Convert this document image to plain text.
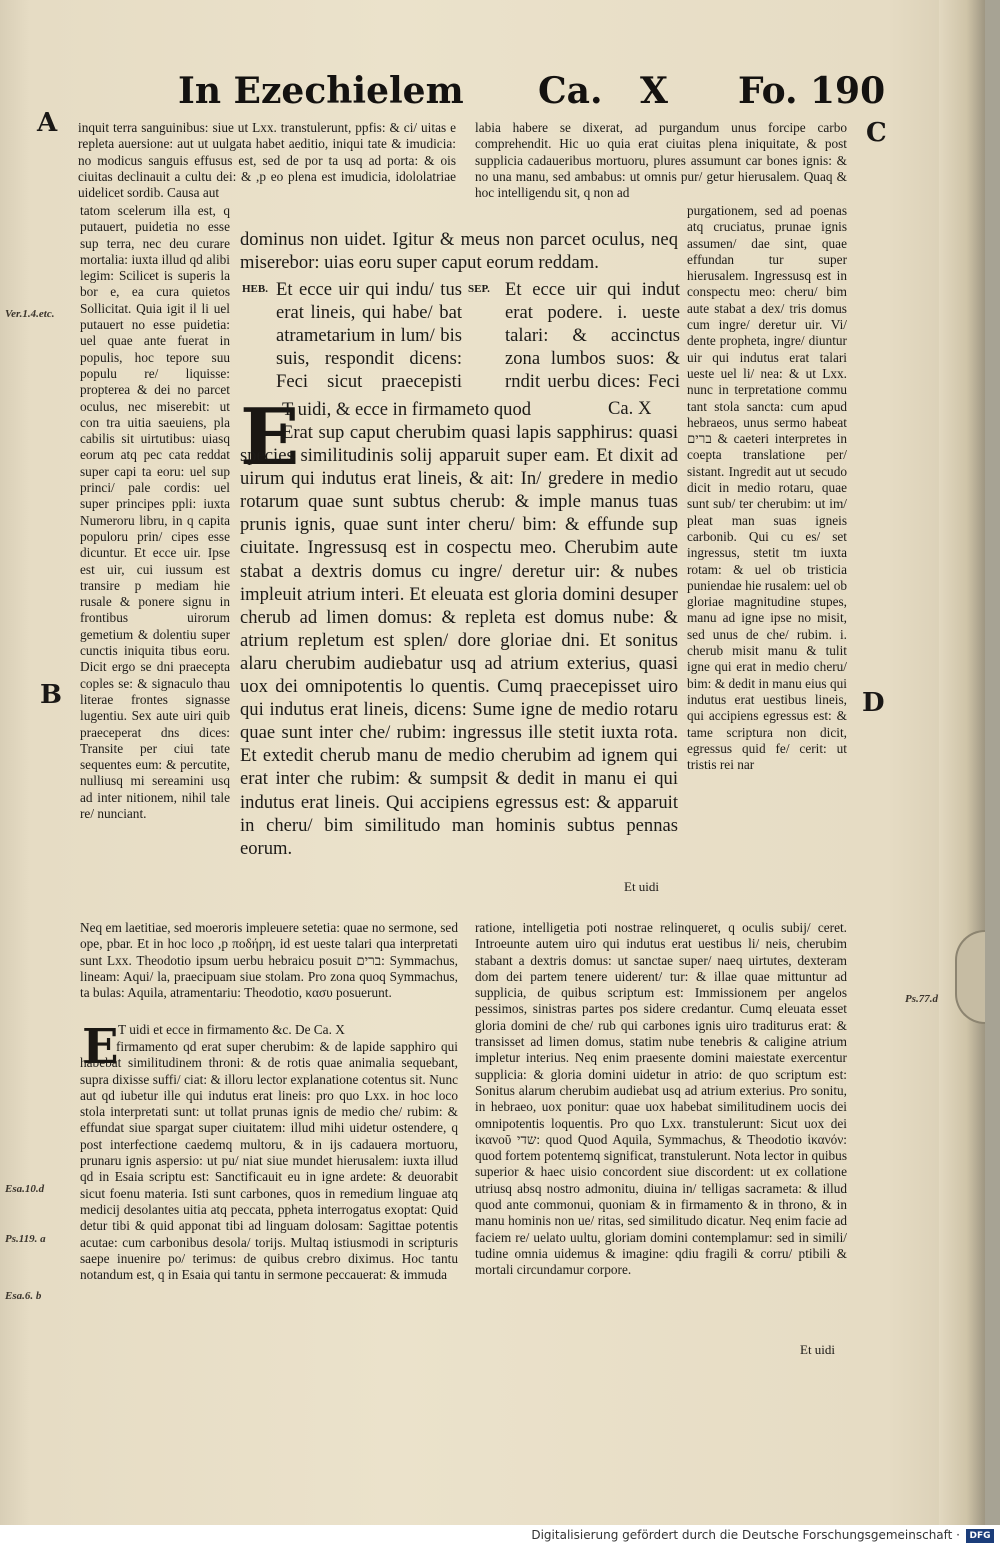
In Ezechielem Ca. X Fo. 190
A
B
C
D
Ver.1.4.etc.
Esa.10.d
Ps.119. a
Esa.6. b
Ps.77.d

inquit terra sanguinibus: siue ut Lxx. transtulerunt, ppfis: & ci/ uitas e repleta auersione: aut ut uulgata habet aeditio, iniqui tate & imudicia: no modicus sanguis effusus est, sed de por ta usq ad porta: & ois ciuitas declinauit a cultu dei: & ,p eo plena est imudicia, idololatriae uidelicet sordib. Causa aut

labia habere se dixerat, ad purgandum unus forcipe carbo comprehendit. Hic uo quia erat ciuitas plena iniquitate, & post supplicia cadaueribus mortuoru, plures assumunt car bones ignis: & no una manu, sed ambabus: ut omnis pur/ getur hierusalem. Quaq & hoc intelligendu sit, q non ad

tatom scelerum illa est, q putauert, puidetia no esse sup terra, nec deu curare mortalia: iuxta illud qd alibi legim: Scilicet is superis la bor e, ea cura quietos Sollicitat. Quia igit il li uel putauert no esse puidetia: uel quae ante fuerat in populis, hoc tepore suu populu re/ liquisse: propterea & dei no parcet oculus, nec miserebit: ut con tra uitia saeuiens, pla cabilis sit uirtutibus: uiasq eorum atq pec cata reddat super capi ta eoru: uel sup princi/ pale cordis: uel super principes ppli: iuxta Numeroru libru, in q capita populoru prin/ cipes esse dicuntur. Et ecce uir. Ipse est uir, cui iussum est transire p mediam hie rusale & ponere signu in frontibus uirorum gemetium & dolentiu super cunctis iniquita tibus eoru. Dicit ergo se dni praecepta coples se: & signaculo thau literae frontes signasse lugentiu. Sex aute uiri quib praeceperat dns dices: Transite per ciui tate sequentes eum: & percutite, nulliusq mi sereamini usq ad inter nitionem, nihil tale re/ nunciant.

purgationem, sed ad poenas atq cruciatus, prunae ignis assumen/ dae sint, quae effundan tur super hierusalem. Ingressusq est in conspectu meo: cheru/ bim aute stabat a dex/ tris domus cum ingre/ deretur uir. Vi/ dente propheta, ingre/ diuntur uir qui indutus erat talari ueste uel li/ nea: & ut Lxx. nunc in terpretatione commu tant stola sancta: cum apud hebraeos, unus sermo habeat ברים & caeteri interpretes in coepta translatione per/ sistant. Ingredit aut ut secudo dicit in medio rotaru, quae sunt sub/ ter cherubim: ut im/ pleat man suas igneis carbonib. Qui cu es/ set ingressus, stetit tm iuxta rotam: & uel ob tristicia puniendae hie rusalem: uel ob gloriae magnitudine stupes, manu ad igne ipse no misit, sed unus de che/ rubim. i. cherub misit manu & tulit igne qui erat in medio cheru/ bim: & dedit in manu eius qui indutus erat uestibus lineis, qui accipiens egressus est: & tame scriptura non dicit, egressus quid fe/ cerit: ut tristis rei nar

dominus non uidet. Igitur & meus non parcet oculus, neq miserebor: uias eoru super caput eorum reddam.

HEB. Et ecce uir qui indu/ tus erat lineis, qui habe/ bat atrametarium in lum/ bis suis, respondit dicens: Feci sicut praecepisti

SEP. Et ecce uir qui indut erat podere. i. ueste talari: & accinctus zona lumbos suos: & rndit uerbu dices: Feci

E

T uidi, & ecce in firmameto quod	Ca. X

Erat sup caput cherubim quasi lapis sapphirus: quasi species similitudinis solij apparuit super eam. Et dixit ad uirum qui indutus erat lineis, & ait: In/ gredere in medio rotarum quae sunt subtus cherub: & imple manus tuas prunis ignis, quae sunt inter cheru/ bim: & effunde sup ciuitate. Ingressusq est in cospectu meo. Cherubim aute stabat a dextris domus cu ingre/ deretur uir: & nubes impleuit atrium interi. Et eleuata est gloria domini desuper cherub ad limen domus: & repleta est domus nube: & atrium repletum est splen/ dore gloriae dni. Et sonitus alaru cherubim audiebatur usq ad atrium exterius, quasi uox dei omnipotentis lo quentis. Cumq praecepisset uiro qui indutus erat lineis, dicens: Sume igne de medio rotaru quae sunt inter che/ rubim: ingressus ille stetit iuxta rota. Et extedit cherub manu de medio cherubim ad ignem qui erat inter che rubim: & sumpsit & dedit in manu ei qui indutus erat lineis. Qui accipiens egressus est: & apparuit in cheru/ bim similitudo man hominis subtus pennas eorum.

Et uidi

Neq em laetitiae, sed moeroris impleuere setetia: quae no sermone, sed ope, pbar. Et in hoc loco ,p ποδήρη, id est ueste talari qua interpretati sunt Lxx. Theodotio ipsum uerbu hebraicu posuit ברים: Symmachus, lineam: Aqui/ la, praecipuam siue stolam. Pro zona quoq Symmachus, ta bulas: Aquila, atramentariu: Theodotio, κασυ posuerunt.

E T uidi et ecce in firmamento &c. De Ca. X

firmamento qd erat super cherubim: & de lapide sapphiro qui habebat similitudinem throni: & de rotis quae animalia sequebant, supra dixisse suffi/ ciat: & illoru lector explanatione cotentus sit. Nunc aut qd iubetur ille qui indutus erat lineis: pro quo Lxx. in hoc loco stola interpretati sunt: ut tollat prunas ignis de medio che/ rubim: & effundat siue spargat super ciuitatem: illud mihi uidetur ostendere, q post interfectione caedemq multoru, & in ijs cadauera mortuoru, prunaru ignis aspersio: ut pu/ niat siue mundet hierusalem: iuxta illud qd in Esaia scriptu est: Sanctificauit eu in igne ardete: & deuorabit sicut foenu materia. Isti sunt carbones, quos in remedium linguae atq medicij desolantes uitia atq peccata, ppheta interrogatus exoptat: Quid detur tibi & quid apponat tibi ad linguam dolosam: Sagittae potentis acutae: cum carbonibus desola/ torijs. Multaq istiusmodi in scripturis saepe inuenire po/ terimus: de quibus crebro diximus. Hoc tantu notandum est, q in Esaia qui tantu in sermone peccauerat: & immuda

ratione, intelligetia poti nostrae relinqueret, q oculis subij/ ceret. Introeunte autem uiro qui indutus erat uestibus li/ neis, cherubim stabant a dextris domus: ut sanctae super/ naeq uirtutes, dexteram dom dei partem tenere uiderent/ tur: & illae quae mittuntur ad supplicia, de quibus scriptum est: Immissionem per angelos pessimos, sinistras partes pos sidere credantur. Cumq eleuata esset gloria domini de che/ rub qui carbones ignis uiro traditurus erat: & transisset ad limen domus, statim nube tenebris & caligine atrium impletur interius. Neq enim praesente domini maiestate exercentur supplicia: & gloria domini uidetur in atrio: de quo scriptum est: Sonitus alarum cherubim audiebat usq ad atrium exterius. Pro sonitu, in hebraeo, uox ponitur: quae uox habebat similitudinem uocis dei omnipotentis loquentis. Pro quo Lxx. transtulerunt: Sicut uox dei ἱκανοῦ שדי: quod Quod Aquila, Symmachus, & Theodotio ἱκανόν: quod fortem potentemq significat, transtulerunt. Nota lector in quibus superior & haec uisio concordent siue discordent: ut ex collatione utriusq absq nostro admonitu, diuina in/ telligas sacrameta: & illud quod ante commonui, quoniam & in firmamento & in throno, & in manu hominis non ue/ ritas, sed similitudo dicatur. Neq enim facie ad faciem re/ uelato uultu, gloriam domini contemplamur: sed in simili/ tudine omnia uidemus & imagine: qdiu fragili & corru/ ptibili & mortali circundamur corpore.

Et uidi
Digitalisierung gefördert durch die Deutsche Forschungsgemeinschaft ·	DFG
